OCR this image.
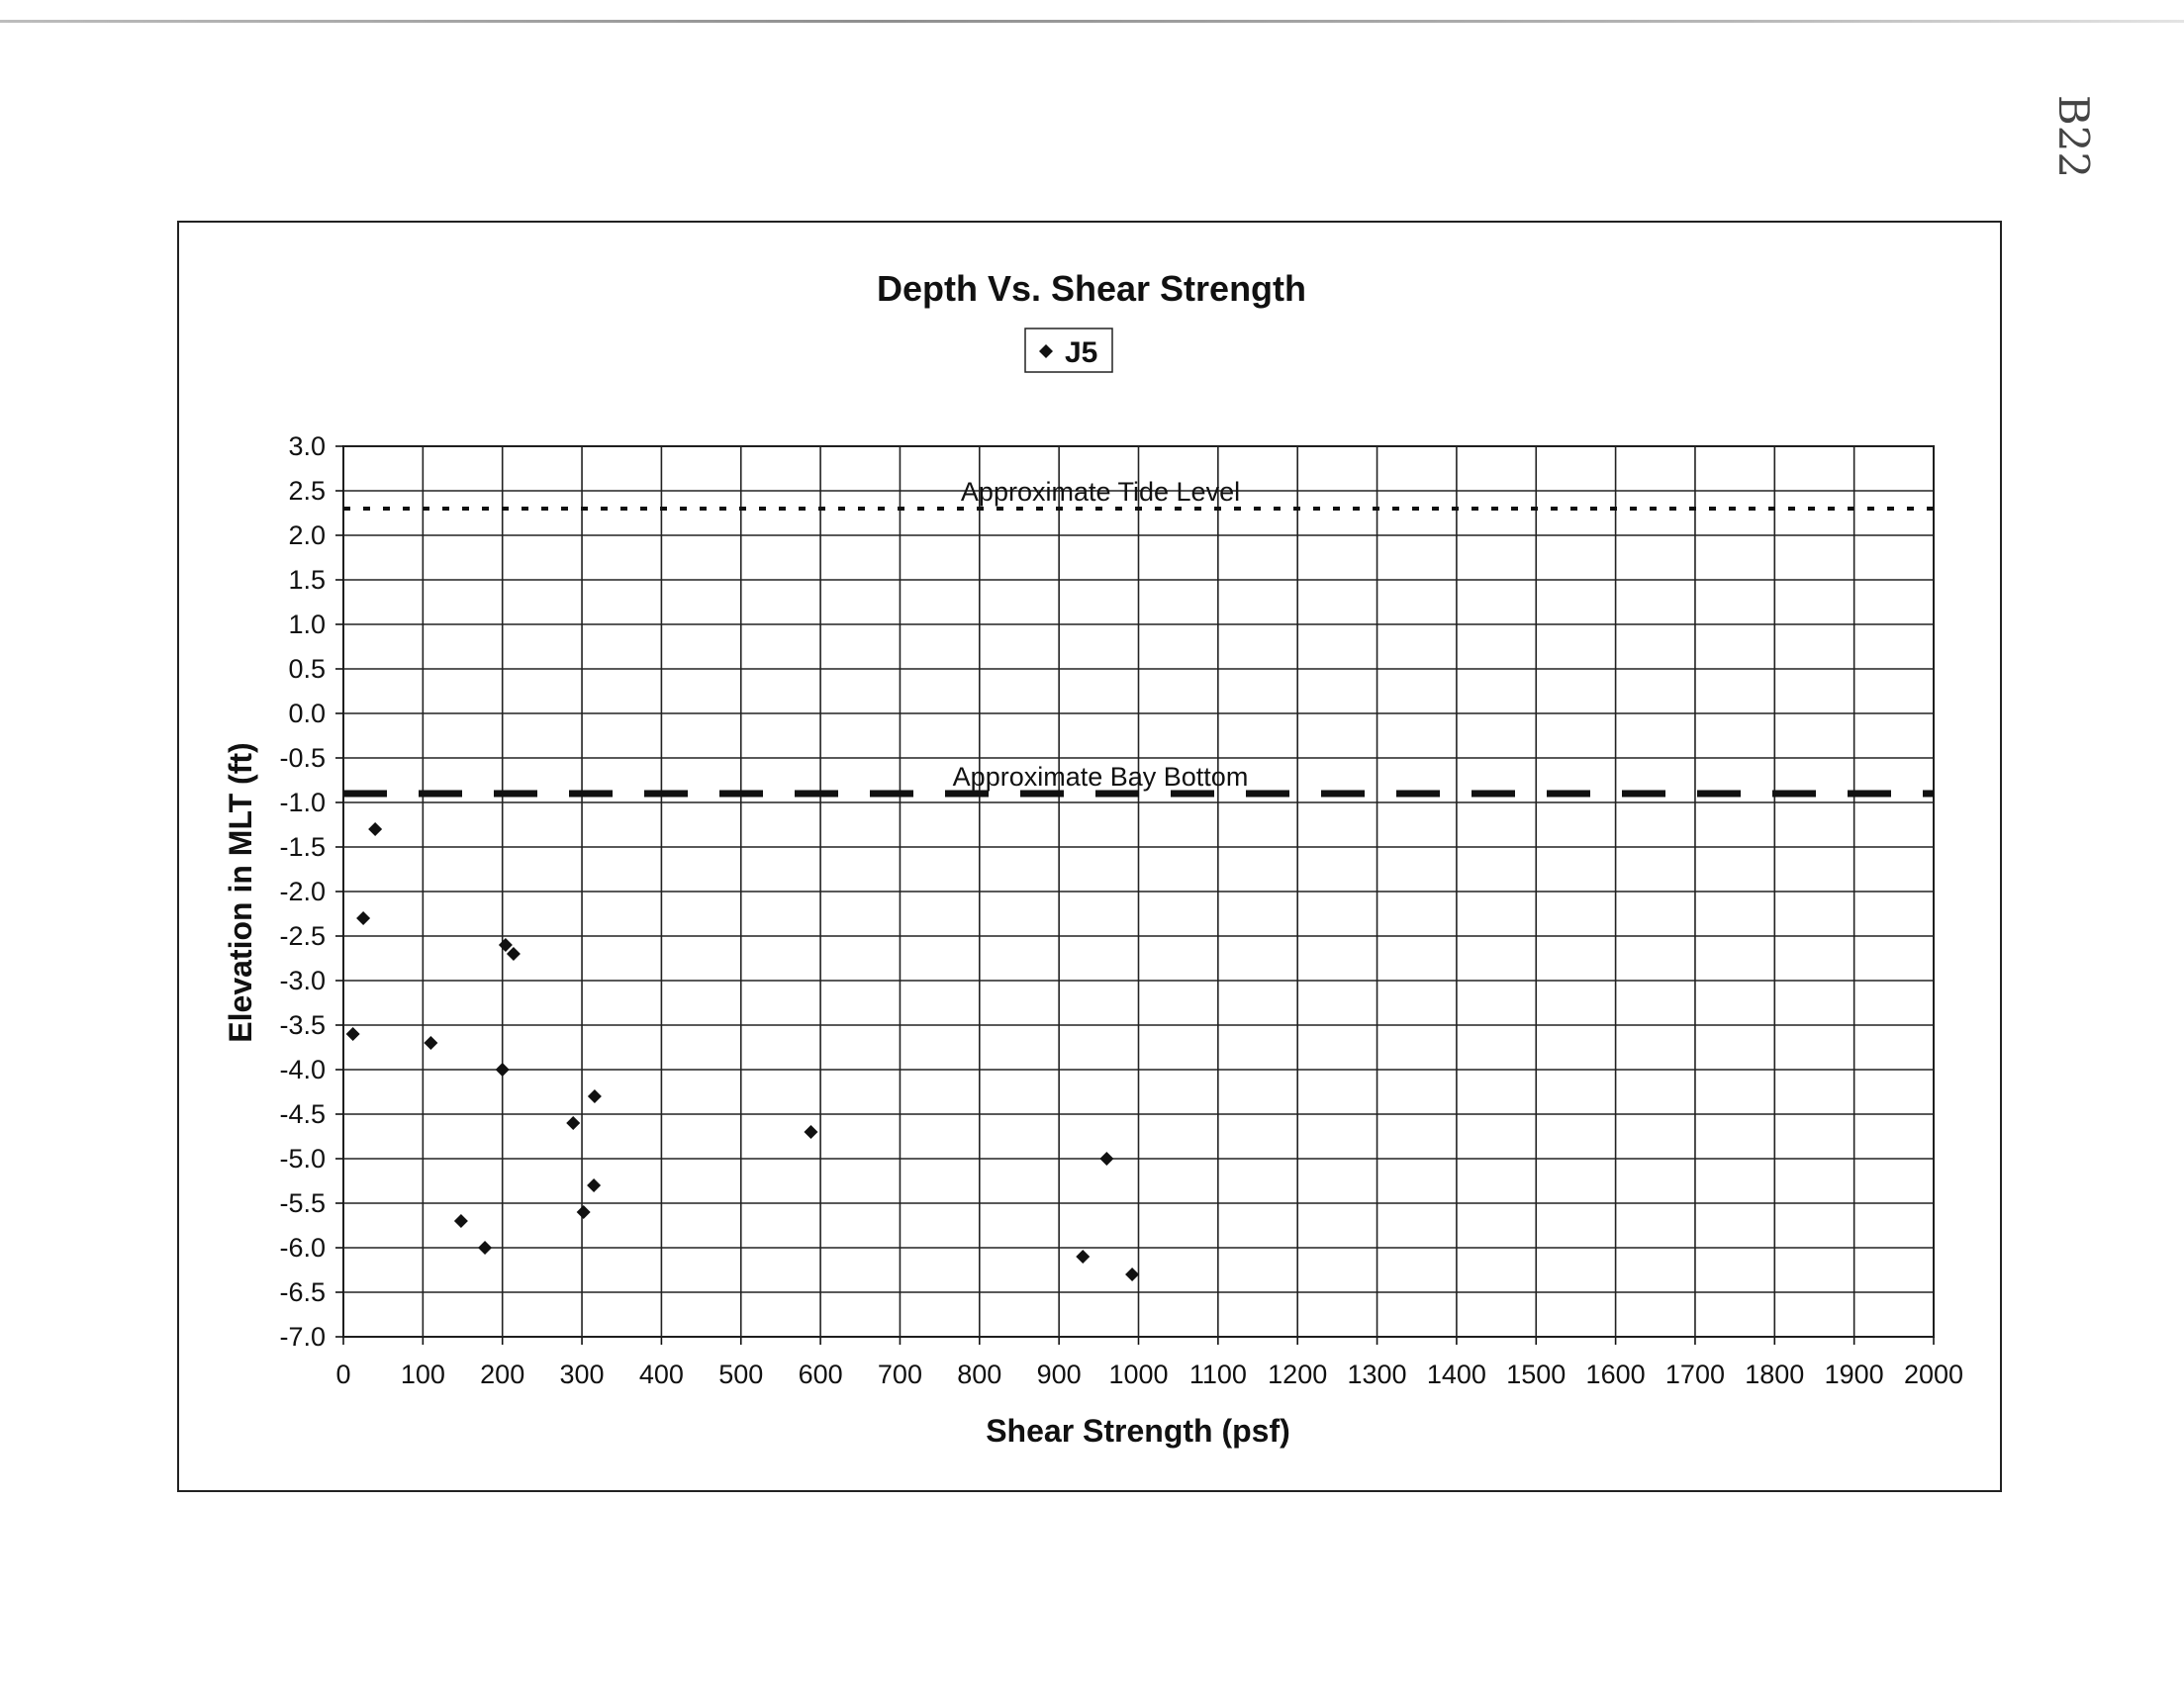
B22
Depth Vs. Shear Strength
J5
Approximate Tide Level
Approximate Bay Bottom
0 100 200 300 400 500 600 700 800 900 1000 1100 1200 1300 1400 1500 1600 1700 1800 1900 2000
3.0
2.5
2.0
1.5
1.0
0.5
0.0
-0.5
-1.0
-1.5
-2.0
-2.5
-3.0
-3.5
-4.0
-4.5
-5.0
-5.5
-6.0
-6.5
-7.0
Shear Strength (psf)
Elevation in MLT (ft)
